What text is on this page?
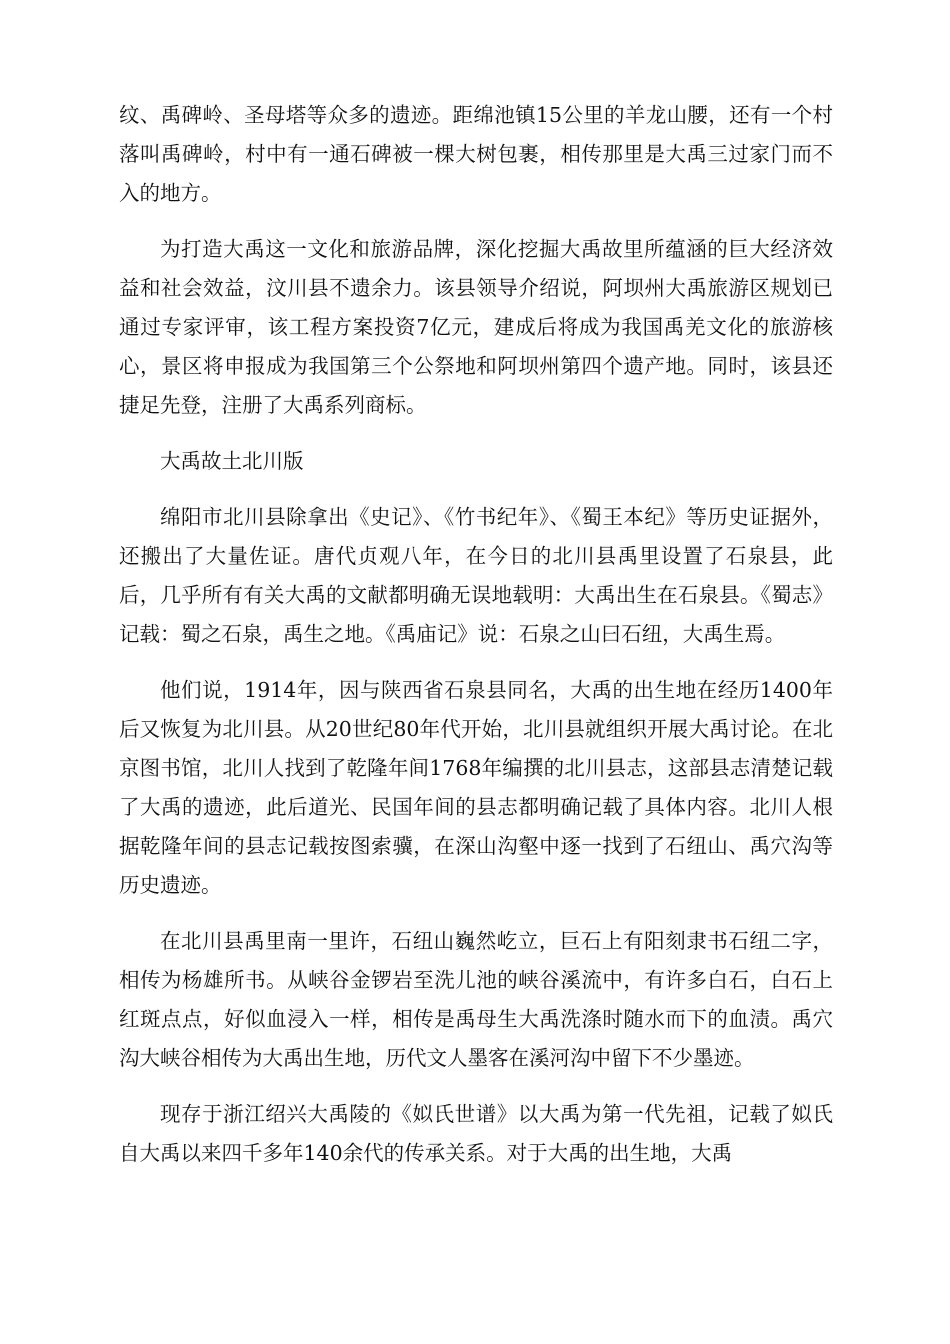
纹、禹碑岭、圣母塔等众多的遗迹。距绵池镇15公里的羊龙山腰，还有一个村落叫禹碑岭，村中有一通石碑被一棵大树包裹，相传那里是大禹三过家门而不入的地方。

为打造大禹这一文化和旅游品牌，深化挖掘大禹故里所蕴涵的巨大经济效益和社会效益，汶川县不遗余力。该县领导介绍说，阿坝州大禹旅游区规划已通过专家评审，该工程方案投资7亿元，建成后将成为我国禹羌文化的旅游核心，景区将申报成为我国第三个公祭地和阿坝州第四个遗产地。同时，该县还捷足先登，注册了大禹系列商标。

大禹故土北川版

绵阳市北川县除拿出《史记》、《竹书纪年》、《蜀王本纪》等历史证据外，还搬出了大量佐证。唐代贞观八年，在今日的北川县禹里设置了石泉县，此后，几乎所有有关大禹的文献都明确无误地载明：大禹出生在石泉县。《蜀志》记载：蜀之石泉，禹生之地。《禹庙记》说：石泉之山曰石纽，大禹生焉。

他们说，1914年，因与陕西省石泉县同名，大禹的出生地在经历1400年后又恢复为北川县。从20世纪80年代开始，北川县就组织开展大禹讨论。在北京图书馆，北川人找到了乾隆年间1768年编撰的北川县志，这部县志清楚记载了大禹的遗迹，此后道光、民国年间的县志都明确记载了具体内容。北川人根据乾隆年间的县志记载按图索骥，在深山沟壑中逐一找到了石纽山、禹穴沟等历史遗迹。

在北川县禹里南一里许，石纽山巍然屹立，巨石上有阳刻隶书石纽二字，相传为杨雄所书。从峡谷金锣岩至洗儿池的峡谷溪流中，有许多白石，白石上红斑点点，好似血浸入一样，相传是禹母生大禹洗涤时随水而下的血渍。禹穴沟大峡谷相传为大禹出生地，历代文人墨客在溪河沟中留下不少墨迹。

现存于浙江绍兴大禹陵的《姒氏世谱》以大禹为第一代先祖，记载了姒氏自大禹以来四千多年140余代的传承关系。对于大禹的出生地，大禹
